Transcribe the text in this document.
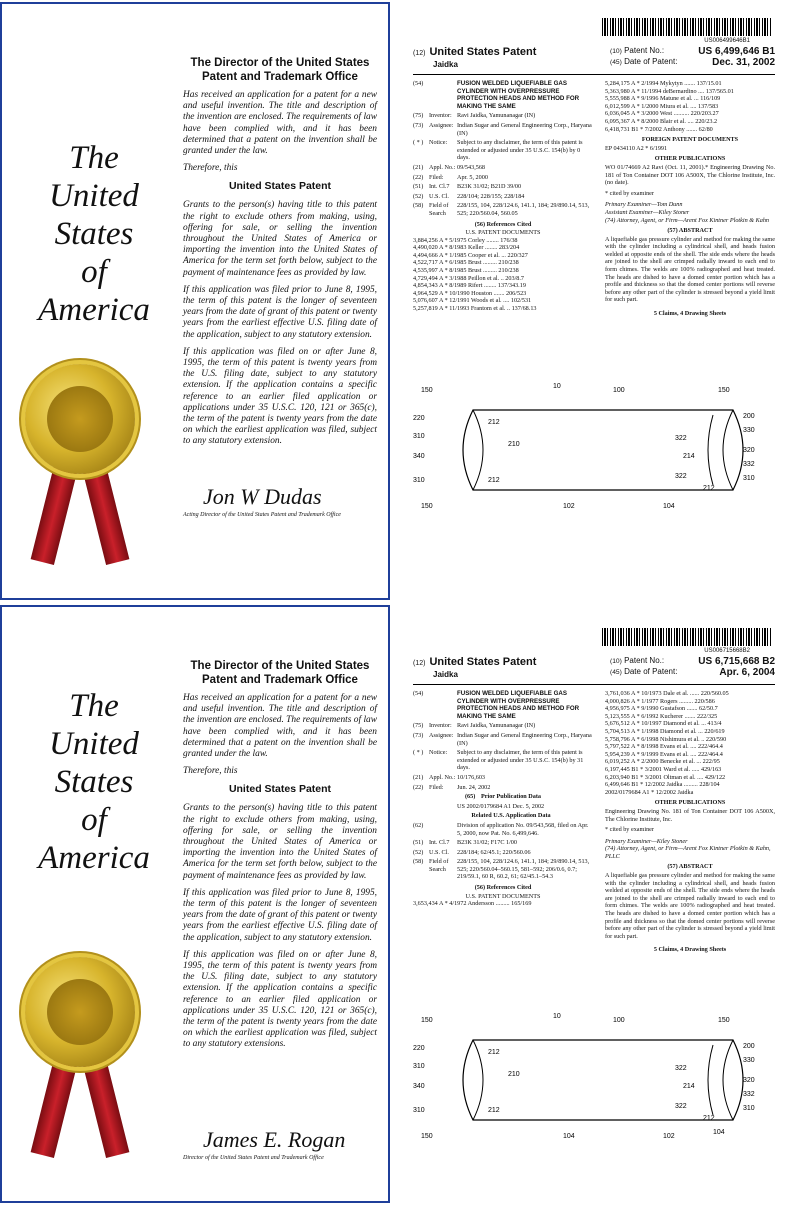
The
United
States
of
America
The Director of the United States Patent and Trademark Office

Has received an application for a patent for a new and useful invention. The title and description of the invention are enclosed. The requirements of law have been complied with, and it has been determined that a patent on the invention shall be granted under the law.

Therefore, this

United States Patent

Grants to the person(s) having title to this patent the right to exclude others from making, using, offering for sale, or selling the invention throughout the United States of America or importing the invention into the United States of America for the term set forth below, subject to the payment of maintenance fees as provided by law.

If this application was filed prior to June 8, 1995, the term of this patent is the longer of seventeen years from the date of grant of this patent or twenty years from the earliest effective U.S. filing date of the application, subject to any statutory extension.

If this application was filed on or after June 8, 1995, the term of this patent is twenty years from the U.S. filing date, subject to any statutory extension. If the application contains a specific reference to an earlier filed application or applications under 35 U.S.C. 120, 121 or 365(c), the term of the patent is twenty years from the date on which the earliest application was filed, subject to any statutory extension.

Jon W Dudas
Acting Director of the United States Patent and Trademark Office
The
United
States
of
America
The Director of the United States Patent and Trademark Office

Has received an application for a patent for a new and useful invention. The title and description of the invention are enclosed. The requirements of law have been complied with, and it has been determined that a patent on the invention shall be granted under the law.

Therefore, this

United States Patent

Grants to the person(s) having title to this patent the right to exclude others from making, using, offering for sale, or selling the invention throughout the United States of America or importing the invention into the United States of America for the term set forth below, subject to the payment of maintenance fees as provided by law.

If this application was filed prior to June 8, 1995, the term of this patent is the longer of seventeen years from the date of grant of this patent or twenty years from the earliest effective U.S. filing date of the application, subject to any statutory extension.

If this application was filed on or after June 8, 1995, the term of this patent is twenty years from the U.S. filing date, subject to any statutory extension. If the application contains a specific reference to an earlier filed application or applications under 35 U.S.C. 120, 121 or 365(c), the term of the patent is twenty years from the date on which the earliest application was filed, subject to any statutory extensions.

James E. Rogan
Director of the United States Patent and Trademark Office
US006499646B1
(12) United States Patent
Jaidka
(10) Patent No.:	US 6,499,646 B1
(45) Date of Patent:	Dec. 31, 2002
(54)	FUSION WELDED LIQUEFIABLE GAS CYLINDER WITH OVERPRESSURE PROTECTION HEADS AND METHOD FOR MAKING THE SAME
(75) Inventor: Ravi Jaidka, Yamunanagar (IN)
(73) Assignee: Indian Sugar and General Engineering Corp., Haryana (IN)
( * ) Notice:	Subject to any disclaimer, the term of this patent is extended or adjusted under 35 U.S.C. 154(b) by 0 days.
(21) Appl. No.: 09/543,568
(22) Filed:	Apr. 5, 2000
(51) Int. Cl.7	B23K 31/02; B21D 39/00
(52) U.S. Cl.	228/104; 228/155; 228/184
(58) Field of Search
228/155, 104, 228/124.6, 141.1, 184; 29/890.14, 513, 525; 220/560.04, 560.05
(56) References Cited
U.S. PATENT DOCUMENTS
3,884,256 A * 5/1975 Corley ........ 176/38
4,490,020 A * 8/1983 Keller ........ 283/204
4,494,666 A * 1/1985 Cooper et al. ... 220/327
4,522,717 A * 6/1985 Brust ......... 210/238
4,535,997 A * 8/1985 Brust ......... 210/238
4,729,494 A * 3/1988 Peillon et al. .. 203/8.7
4,854,343 A * 8/1989 Rifert ........ 137/343.19
4,964,529 A * 10/1990 Houston ....... 206/523
5,076,607 A * 12/1991 Woods et al. .... 102/531
5,257,819 A * 11/1993 Frantom et al. .. 137/68.13
5,284,175 A * 2/1994 Mykytyn ....... 137/15.01
5,363,980 A * 11/1994 deBernardino .... 137/565.01
5,555,988 A * 9/1996 Matune et al. ... 116/109
6,012,599 A * 1/2000 Miura et al. .... 137/583
6,036,045 A * 3/2000 West .......... 220/203.27
6,095,367 A * 8/2000 Blair et al. .... 220/23.2
6,418,731 B1 * 7/2002 Anthony ....... 62/80
FOREIGN PATENT DOCUMENTS
EP 0434110 A2 * 6/1991
OTHER PUBLICATIONS
WO 01/74669 A2 Ravi (Oct. 11, 2001).* Engineering Drawing No. 181 of Ton Container DOT 106 A500X, The Chlorine Institute, Inc. (no date).
* cited by examiner
Primary Examiner—Tom Dunn
Assistant Examiner—Kiley Stoner
(74) Attorney, Agent, or Firm—Arent Fox Kintner Plotkin & Kahn
(57) ABSTRACT
A liquefiable gas pressure cylinder and method for making the same with the cylinder including a cylindrical shell, and heads fusion welded at opposite ends of the shell. The side ends where the heads are joined to the shell are crimped radially inward to each end to form chimes. The welds are 100% radiographed and heat treated. The heads are dished to have a domed center portion which has a profile and thickness so that the domed center portions will reverse before any other part of the cylinder is stressed beyond a yield limit for such part.
5 Claims, 4 Drawing Sheets
150
10
100	150
220
212
200
310
210
322
330
340	214
320
332
310	212
322	310
212
150	102	104
US006715668B2
(12) United States Patent
Jaidka
(10) Patent No.:	US 6,715,668 B2
(45) Date of Patent:	Apr. 6, 2004
(54)	FUSION WELDED LIQUEFIABLE GAS CYLINDER WITH OVERPRESSURE PROTECTION HEADS AND METHOD FOR MAKING THE SAME
(75) Inventor: Ravi Jaidka, Yamunanagar (IN)
(73) Assignee: Indian Sugar and General Engineering Corp., Haryana (IN)
( * ) Notice:	Subject to any disclaimer, the term of this patent is extended or adjusted under 35 U.S.C. 154(b) by 31 days.
(21) Appl. No.: 10/176,603
(22) Filed:	Jun. 24, 2002
(65) Prior Publication Data
US 2002/0179684 A1 Dec. 5, 2002
Related U.S. Application Data
(62)	Division of application No. 09/543,568, filed on Apr. 5, 2000, now Pat. No. 6,499,646.
(51) Int. Cl.7	B23K 31/02; F17C 1/00
(52) U.S. Cl.	228/184; 62/45.1; 220/560.06
(58) Field of Search
228/155, 104, 228/124.6, 141.1, 184; 29/890.14, 513, 525; 220/560.04–560.15, 581–592; 206/0.6, 0.7; 219/59.1, 60 R, 60.2, 61; 62/45.1–54.3
(56) References Cited
U.S. PATENT DOCUMENTS
3,653,434 A * 4/1972 Andersson ......... 165/169
3,761,036 A * 10/1973 Dale et al. ...... 220/560.05
4,000,826 A * 1/1977 Rogers ......... 220/586
4,956,975 A * 9/1990 Gustafson ....... 62/50.7
5,123,555 A * 6/1992 Kucherer ....... 222/325
5,676,512 A * 10/1997 Diamond et al. ... 413/4
5,704,513 A * 1/1998 Diamond et al. ... 220/619
5,758,796 A * 6/1998 Nishimura et al. .. 220/590
5,797,522 A * 8/1998 Evans et al. .... 222/464.4
5,954,239 A * 9/1999 Evans et al. .... 222/464.4
6,019,252 A * 2/2000 Benecke et al. ... 222/95
6,197,445 B1 * 3/2001 Ward et al. ..... 429/163
6,203,940 B1 * 3/2001 Oltman et al. .... 429/122
6,499,646 B1 * 12/2002 Jaidka ......... 228/104
2002/0179684 A1 * 12/2002 Jaidka
OTHER PUBLICATIONS
Engineering Drawing No. 181 of Ton Container DOT 106 A500X, The Chlorine Institute, Inc.
* cited by examiner
Primary Examiner—Kiley Stoner
(74) Attorney, Agent, or Firm—Arent Fox Kintner Plotkin & Kahn, PLLC
(57) ABSTRACT
A liquefiable gas pressure cylinder and method for making the same with the cylinder including a cylindrical shell, and heads fusion welded at opposite ends of the shell. The side ends where the heads are joined to the shell are crimped radially inward to each end to form chimes. The welds are 100% radiographed and heat treated. The heads are dished to have a domed center portion which has a profile and thickness so that the domed center portions will reverse before any other part of the cylinder is stressed beyond a yield limit for such part.
5 Claims, 4 Drawing Sheets
150
10
100	150
220
212
200
310
210
322
330
340	214
320
332
310	212
322	310
212
150	104	102
104
